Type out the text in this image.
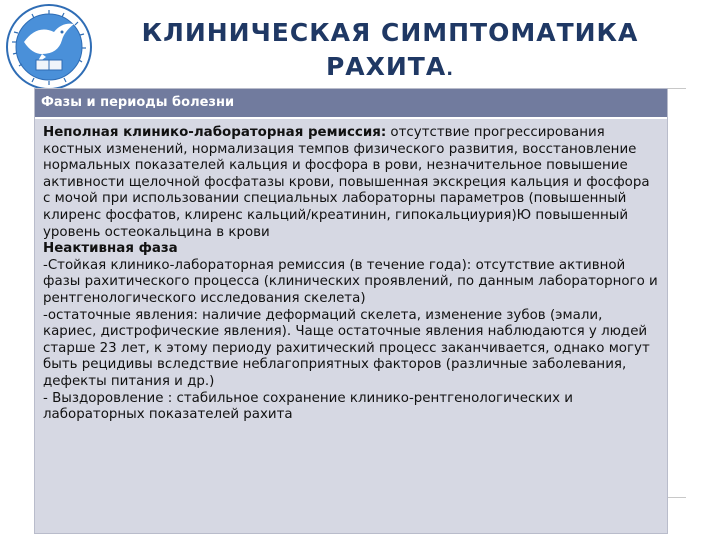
КЛИНИЧЕСКАЯ СИМПТОМАТИКА РАХИТА.
Фазы и периоды болезни

Неполная клинико-лабораторная ремиссия: отсутствие прогрессирования костных изменений, нормализация темпов физического развития, восстановление нормальных показателей кальция и фосфора в рови, незначительное повышение активности щелочной фосфатазы крови, повышенная экскреция кальция и фосфора с мочой при использовании специальных лабораторны параметров (повышенный клиренс фосфатов, клиренс кальций/креатинин, гипокальциурия)Ю повышенный уровень остеокальцина в крови

Неактивная фаза

-Стойкая клинико-лабораторная ремиссия (в течение года): отсутствие активной фазы рахитического процесса (клинических проявлений, по данным лабораторного и рентгенологического исследования скелета)

-остаточные явления: наличие деформаций скелета, изменение зубов (эмали, кариес, дистрофические явления). Чаще остаточные явления наблюдаются у людей старше 23 лет, к этому периоду рахитический процесс заканчивается, однако могут быть рецидивы вследствие неблагоприятных факторов (различные заболевания, дефекты питания и др.)

- Выздоровление : стабильное сохранение клинико-рентгенологических и лабораторных показателей рахита
